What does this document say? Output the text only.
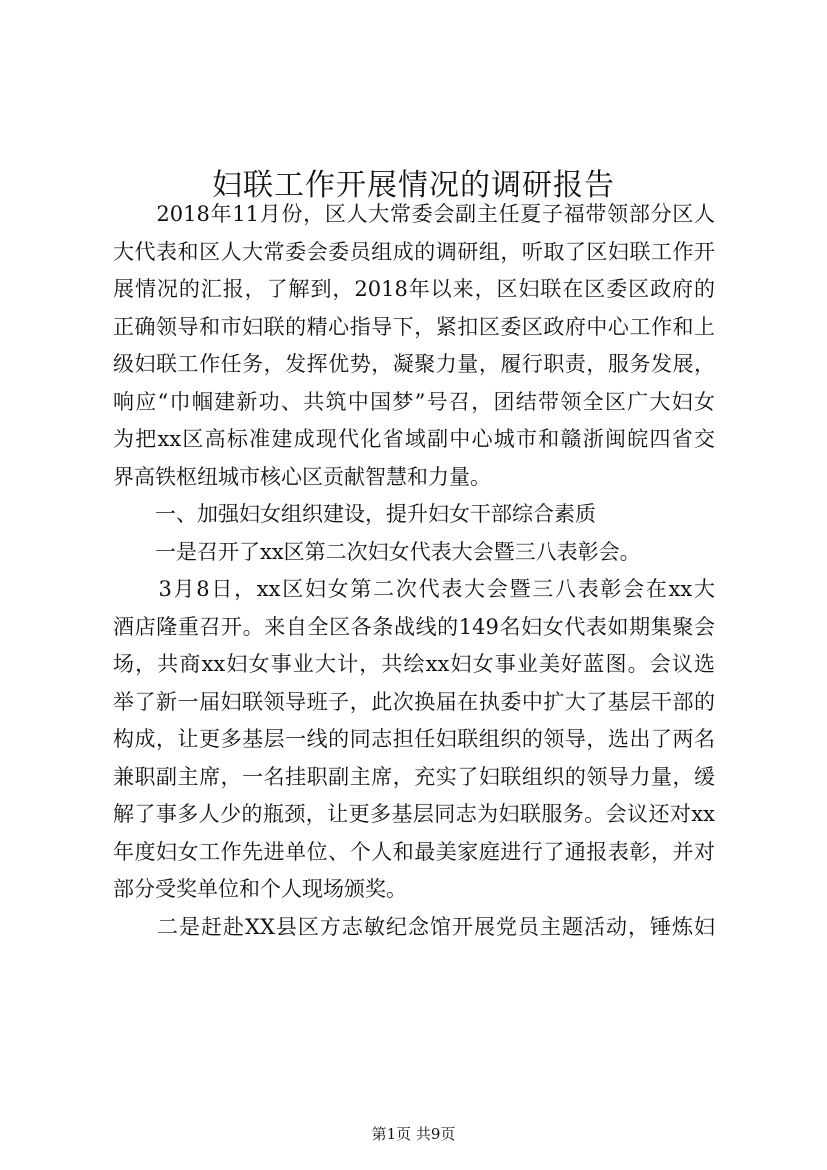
妇联工作开展情况的调研报告
　　2018年11月份，区人大常委会副主任夏子福带领部分区人
大代表和区人大常委会委员组成的调研组，听取了区妇联工作开
展情况的汇报，了解到，2018年以来，区妇联在区委区政府的
正确领导和市妇联的精心指导下，紧扣区委区政府中心工作和上
级妇联工作任务，发挥优势，凝聚力量，履行职责，服务发展，
响应“巾帼建新功、共筑中国梦”号召，团结带领全区广大妇女
为把xx区高标准建成现代化省域副中心城市和赣浙闽皖四省交
界高铁枢纽城市核心区贡献智慧和力量。
　　一、加强妇女组织建设，提升妇女干部综合素质
　　一是召开了xx区第二次妇女代表大会暨三八表彰会。
　　3月8日，xx区妇女第二次代表大会暨三八表彰会在xx大
酒店隆重召开。来自全区各条战线的149名妇女代表如期集聚会
场，共商xx妇女事业大计，共绘xx妇女事业美好蓝图。会议选
举了新一届妇联领导班子，此次换届在执委中扩大了基层干部的
构成，让更多基层一线的同志担任妇联组织的领导，选出了两名
兼职副主席，一名挂职副主席，充实了妇联组织的领导力量，缓
解了事多人少的瓶颈，让更多基层同志为妇联服务。会议还对xx
年度妇女工作先进单位、个人和最美家庭进行了通报表彰，并对
部分受奖单位和个人现场颁奖。
　　二是赶赴XX县区方志敏纪念馆开展党员主题活动，锤炼妇
第1页 共9页
